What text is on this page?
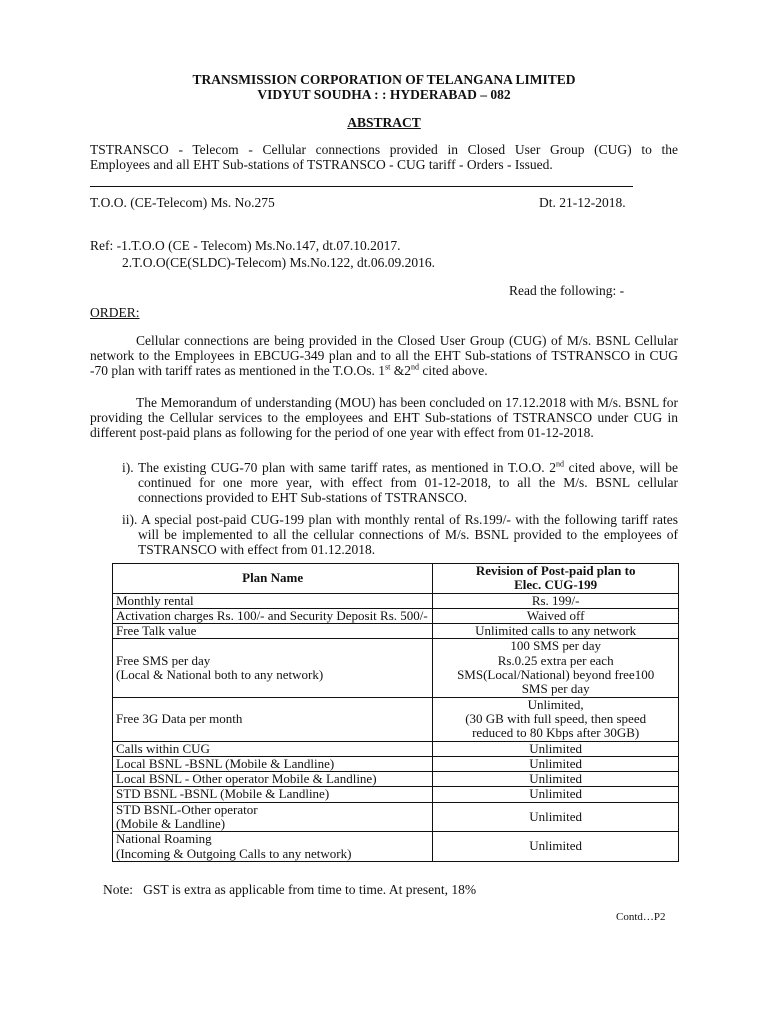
TRANSMISSION CORPORATION OF TELANGANA LIMITED
VIDYUT SOUDHA : : HYDERABAD – 082
ABSTRACT
TSTRANSCO - Telecom - Cellular connections provided in Closed User Group (CUG) to the
Employees and all EHT Sub-stations of TSTRANSCO - CUG tariff - Orders - Issued.
T.O.O. (CE-Telecom) Ms. No.275	Dt. 21-12-2018.
Ref: -1.T.O.O (CE - Telecom) Ms.No.147, dt.07.10.2017.
2.T.O.O(CE(SLDC)-Telecom) Ms.No.122, dt.06.09.2016.
Read the following: -
ORDER:
Cellular connections are being provided in the Closed User Group (CUG) of M/s. BSNL Cellular network to the Employees in EBCUG-349 plan and to all the EHT Sub-stations of TSTRANSCO in CUG -70 plan with tariff rates as mentioned in the T.O.Os. 1st &2nd cited above.
The Memorandum of understanding (MOU) has been concluded on 17.12.2018 with M/s. BSNL for providing the Cellular services to the employees and EHT Sub-stations of TSTRANSCO under CUG in different post-paid plans as following for the period of one year with effect from 01-12-2018.
i). The existing CUG-70 plan with same tariff rates, as mentioned in T.O.O. 2nd cited above, will be continued for one more year, with effect from 01-12-2018, to all the M/s. BSNL cellular connections provided to EHT Sub-stations of TSTRANSCO.
ii). A special post-paid CUG-199 plan with monthly rental of Rs.199/- with the following tariff rates will be implemented to all the cellular connections of M/s. BSNL provided to the employees of TSTRANSCO with effect from 01.12.2018.
Plan Name	Revision of Post-paid plan to
Elec. CUG-199
Monthly rental	Rs. 199/-
Activation charges Rs. 100/- and Security Deposit Rs. 500/-	Waived off
Free Talk value	Unlimited calls to any network
Free SMS per day
(Local & National both to any network)	100 SMS per day
Rs.0.25 extra per each
SMS(Local/National) beyond free100
SMS per day
Free 3G Data per month	Unlimited,
(30 GB with full speed, then speed
reduced to 80 Kbps after 30GB)
Calls within CUG	Unlimited
Local BSNL -BSNL (Mobile & Landline)	Unlimited
Local BSNL - Other operator Mobile & Landline)	Unlimited
STD BSNL -BSNL (Mobile & Landline)	Unlimited
STD BSNL-Other operator
(Mobile & Landline)	Unlimited
National Roaming
(Incoming & Outgoing Calls to any network)	Unlimited
Note:   GST is extra as applicable from time to time. At present, 18%
Contd…P2
